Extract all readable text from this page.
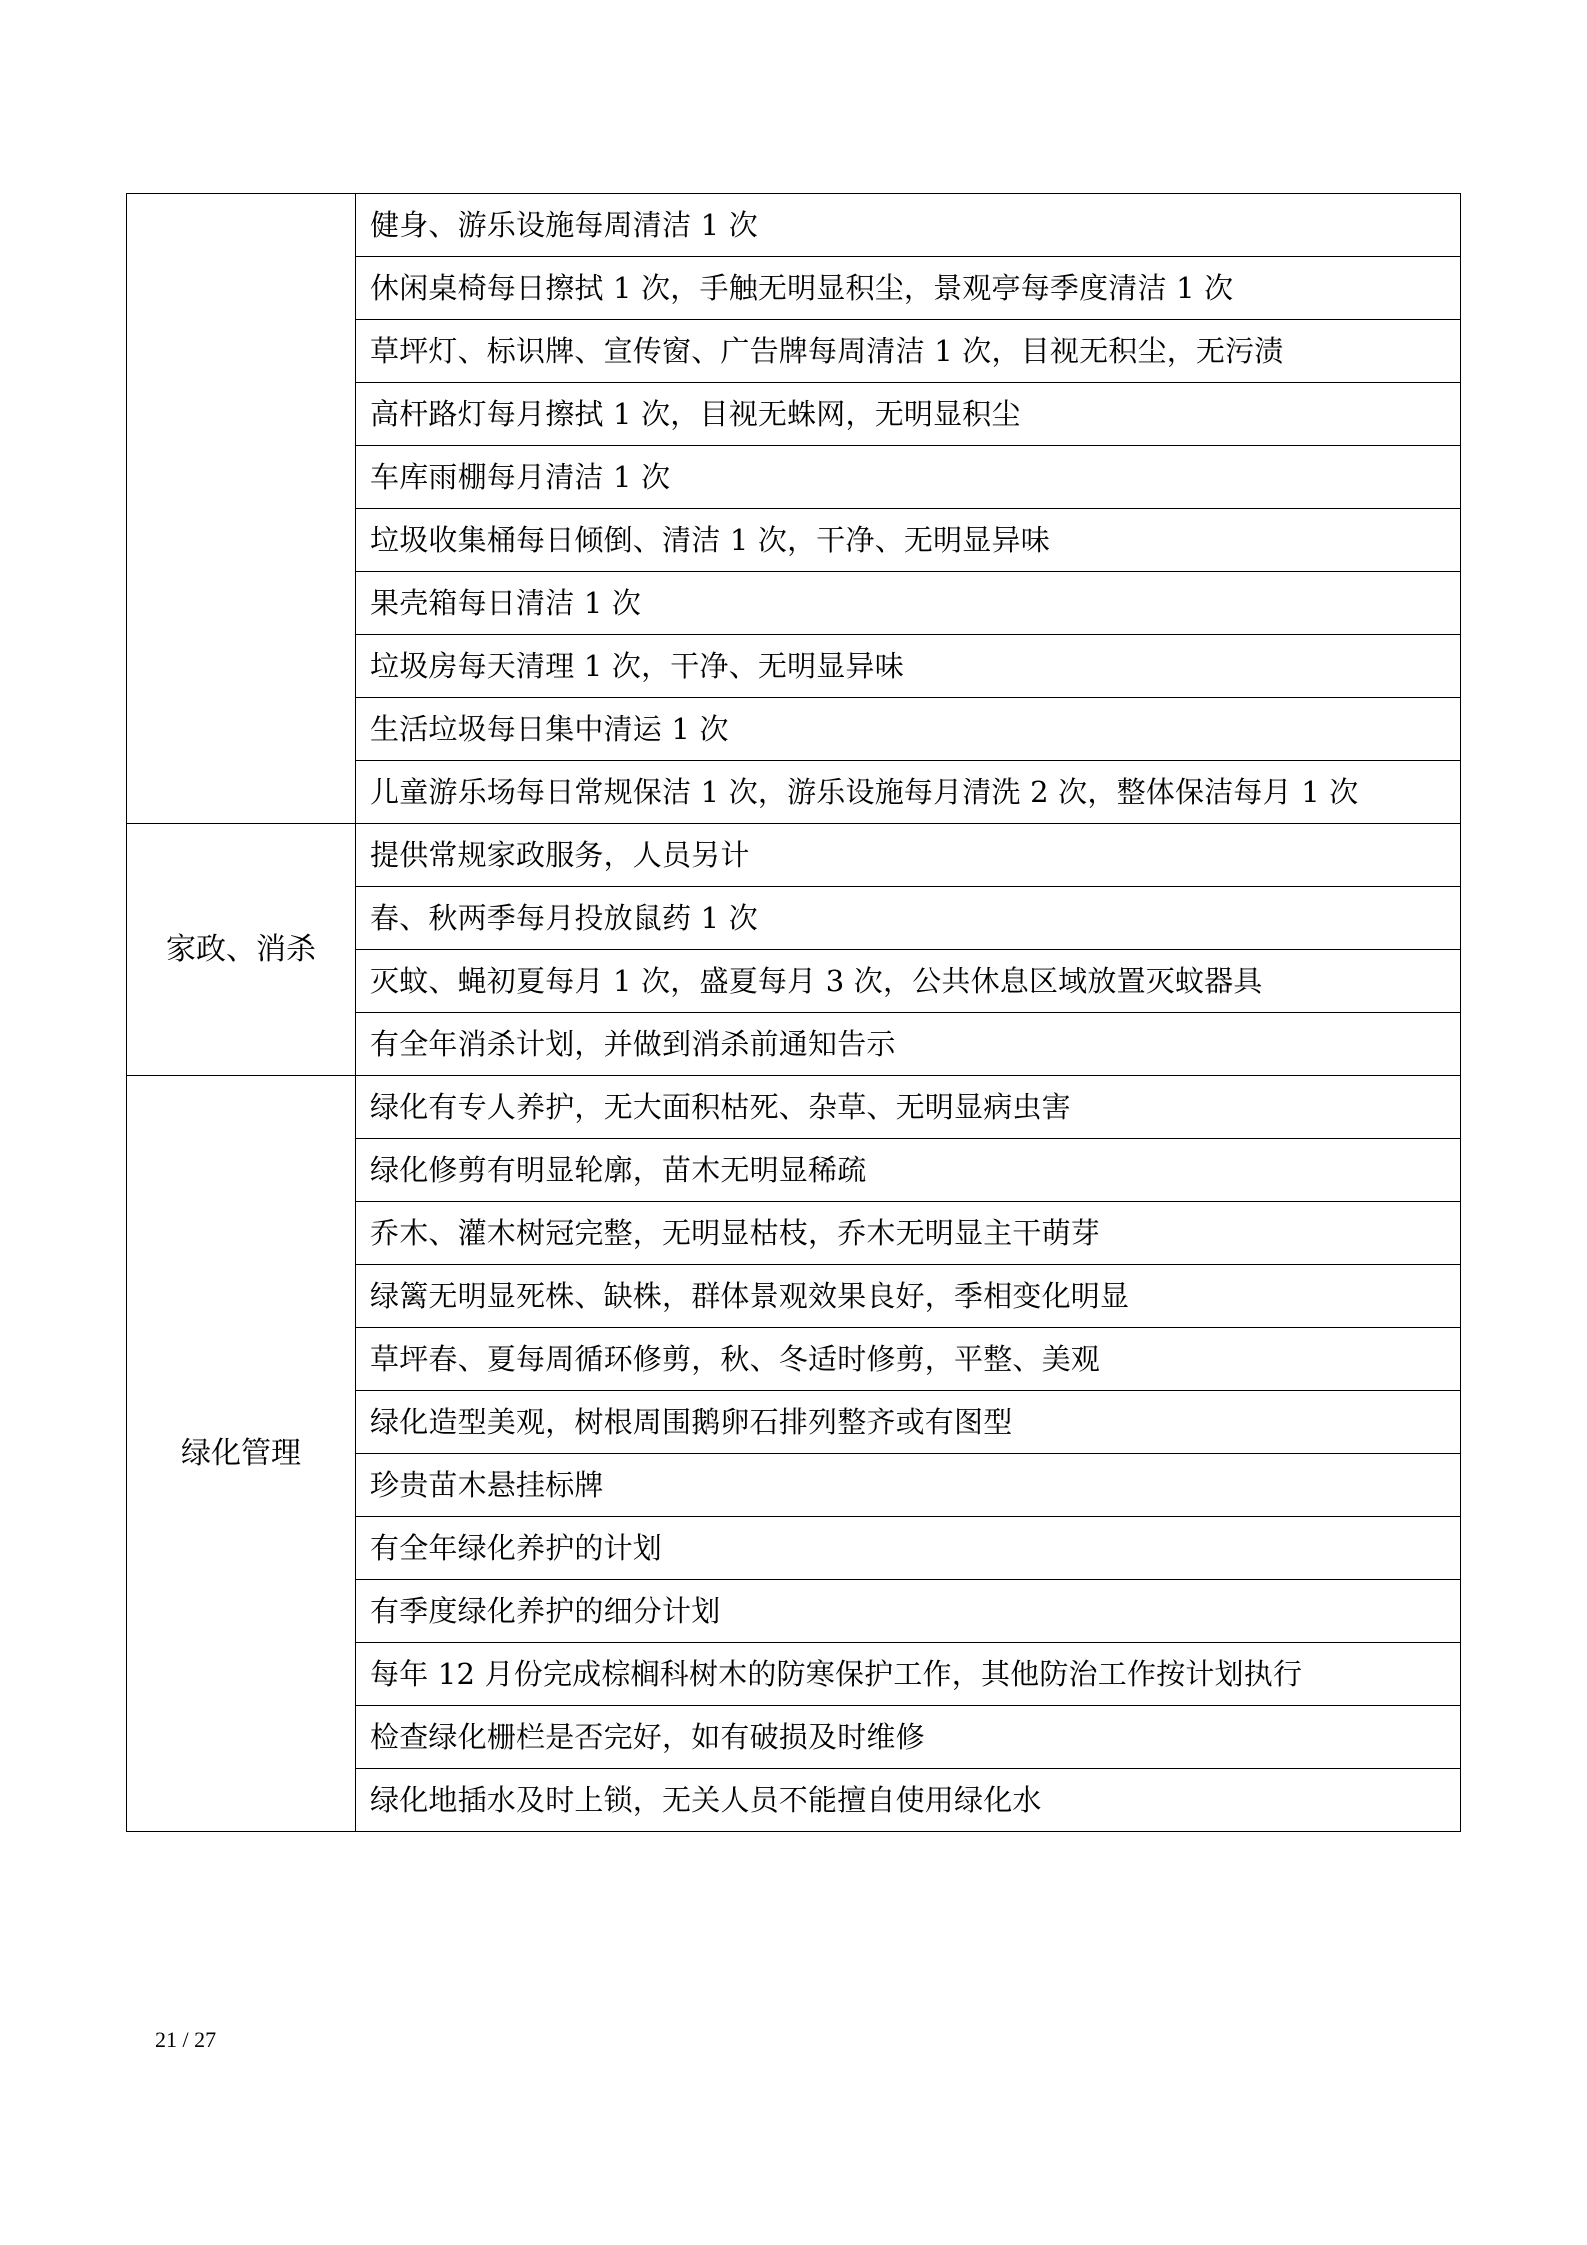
	健身、游乐设施每周清洁 1 次
	休闲桌椅每日擦拭 1 次，手触无明显积尘，景观亭每季度清洁 1 次
	草坪灯、标识牌、宣传窗、广告牌每周清洁 1 次，目视无积尘，无污渍
	高杆路灯每月擦拭 1 次，目视无蛛网，无明显积尘
	车库雨棚每月清洁 1 次
	垃圾收集桶每日倾倒、清洁 1 次，干净、无明显异味
	果壳箱每日清洁 1 次
	垃圾房每天清理 1 次，干净、无明显异味
	生活垃圾每日集中清运 1 次
	儿童游乐场每日常规保洁 1 次，游乐设施每月清洗 2 次，整体保洁每月 1 次
家政、消杀	提供常规家政服务，人员另计
	春、秋两季每月投放鼠药 1 次
	灭蚊、蝇初夏每月 1 次，盛夏每月 3 次，公共休息区域放置灭蚊器具
	有全年消杀计划，并做到消杀前通知告示
绿化管理	绿化有专人养护，无大面积枯死、杂草、无明显病虫害
	绿化修剪有明显轮廓，苗木无明显稀疏
	乔木、灌木树冠完整，无明显枯枝，乔木无明显主干萌芽
	绿篱无明显死株、缺株，群体景观效果良好，季相变化明显
	草坪春、夏每周循环修剪，秋、冬适时修剪，平整、美观
	绿化造型美观，树根周围鹅卵石排列整齐或有图型
	珍贵苗木悬挂标牌
	有全年绿化养护的计划
	有季度绿化养护的细分计划
	每年 12 月份完成棕榈科树木的防寒保护工作，其他防治工作按计划执行
	检查绿化栅栏是否完好，如有破损及时维修
	绿化地插水及时上锁，无关人员不能擅自使用绿化水
21 / 27
